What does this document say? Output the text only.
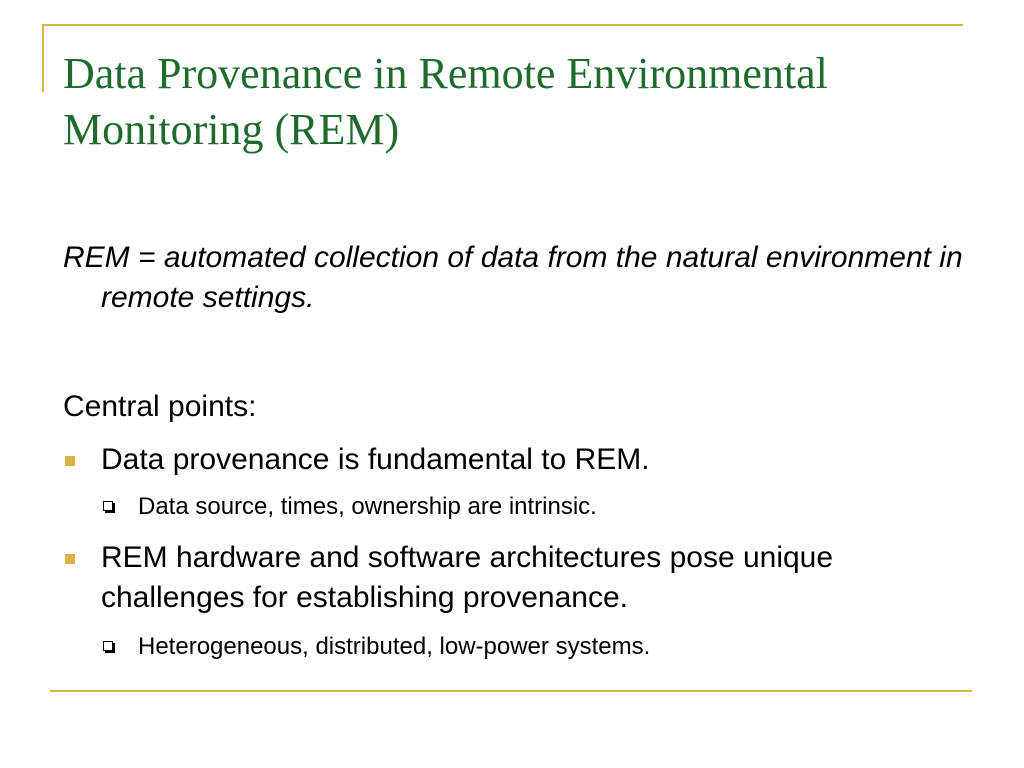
Data Provenance in Remote Environmental Monitoring (REM)
REM = automated collection of data from the natural environment in remote settings.
Central points:
Data provenance is fundamental to REM.
Data source, times, ownership are intrinsic.
REM hardware and software architectures pose unique challenges for establishing provenance.
Heterogeneous, distributed, low-power systems.
